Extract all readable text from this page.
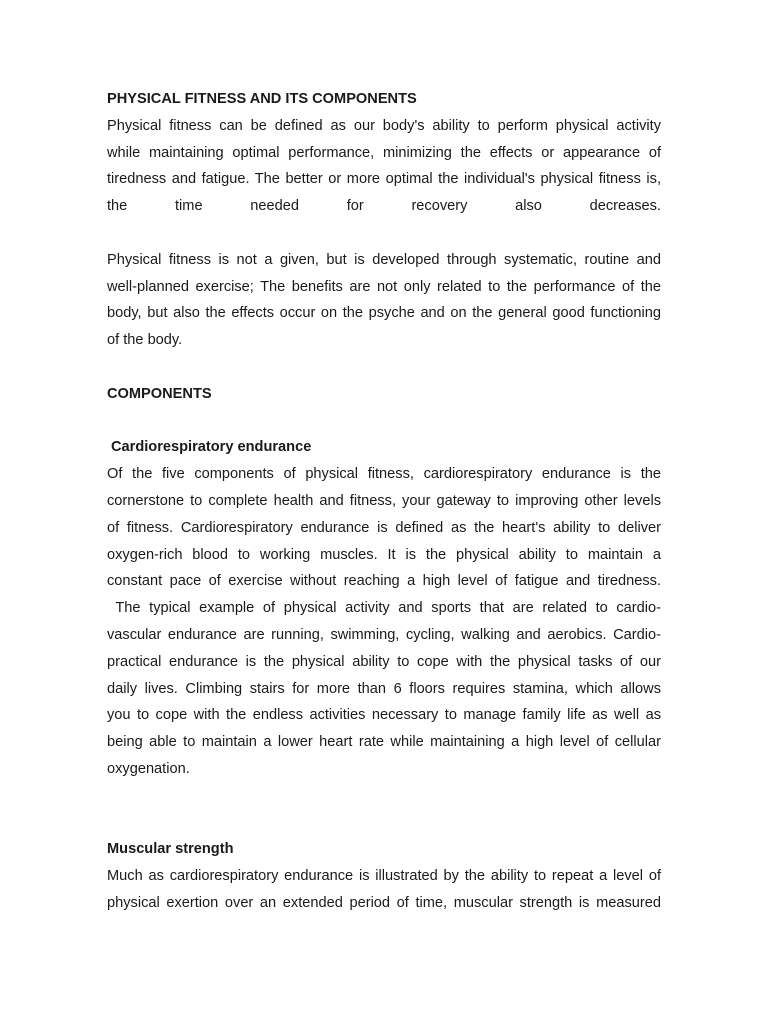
PHYSICAL FITNESS AND ITS COMPONENTS

Physical fitness can be defined as our body's ability to perform physical activity
while maintaining optimal performance, minimizing the effects or appearance of
tiredness and fatigue. The better or more optimal the individual's physical fitness is,
the time needed for recovery also decreases.
Physical fitness is not a given, but is developed through systematic, routine and
well-planned exercise; The benefits are not only related to the performance of the
body, but also the effects occur on the psyche and on the general good functioning
of the body.

COMPONENTS

Cardiorespiratory endurance

Of the five components of physical fitness, cardiorespiratory endurance is the
cornerstone to complete health and fitness, your gateway to improving other levels
of fitness. Cardiorespiratory endurance is defined as the heart's ability to deliver
oxygen-rich blood to working muscles. It is the physical ability to maintain a
constant pace of exercise without reaching a high level of fatigue and tiredness.
The typical example of physical activity and sports that are related to cardio-
vascular endurance are running, swimming, cycling, walking and aerobics. Cardio-
practical endurance is the physical ability to cope with the physical tasks of our
daily lives. Climbing stairs for more than 6 floors requires stamina, which allows
you to cope with the endless activities necessary to manage family life as well as
being able to maintain a lower heart rate while maintaining a high level of cellular
oxygenation.

Muscular strength

Much as cardiorespiratory endurance is illustrated by the ability to repeat a level of
physical exertion over an extended period of time, muscular strength is measured
